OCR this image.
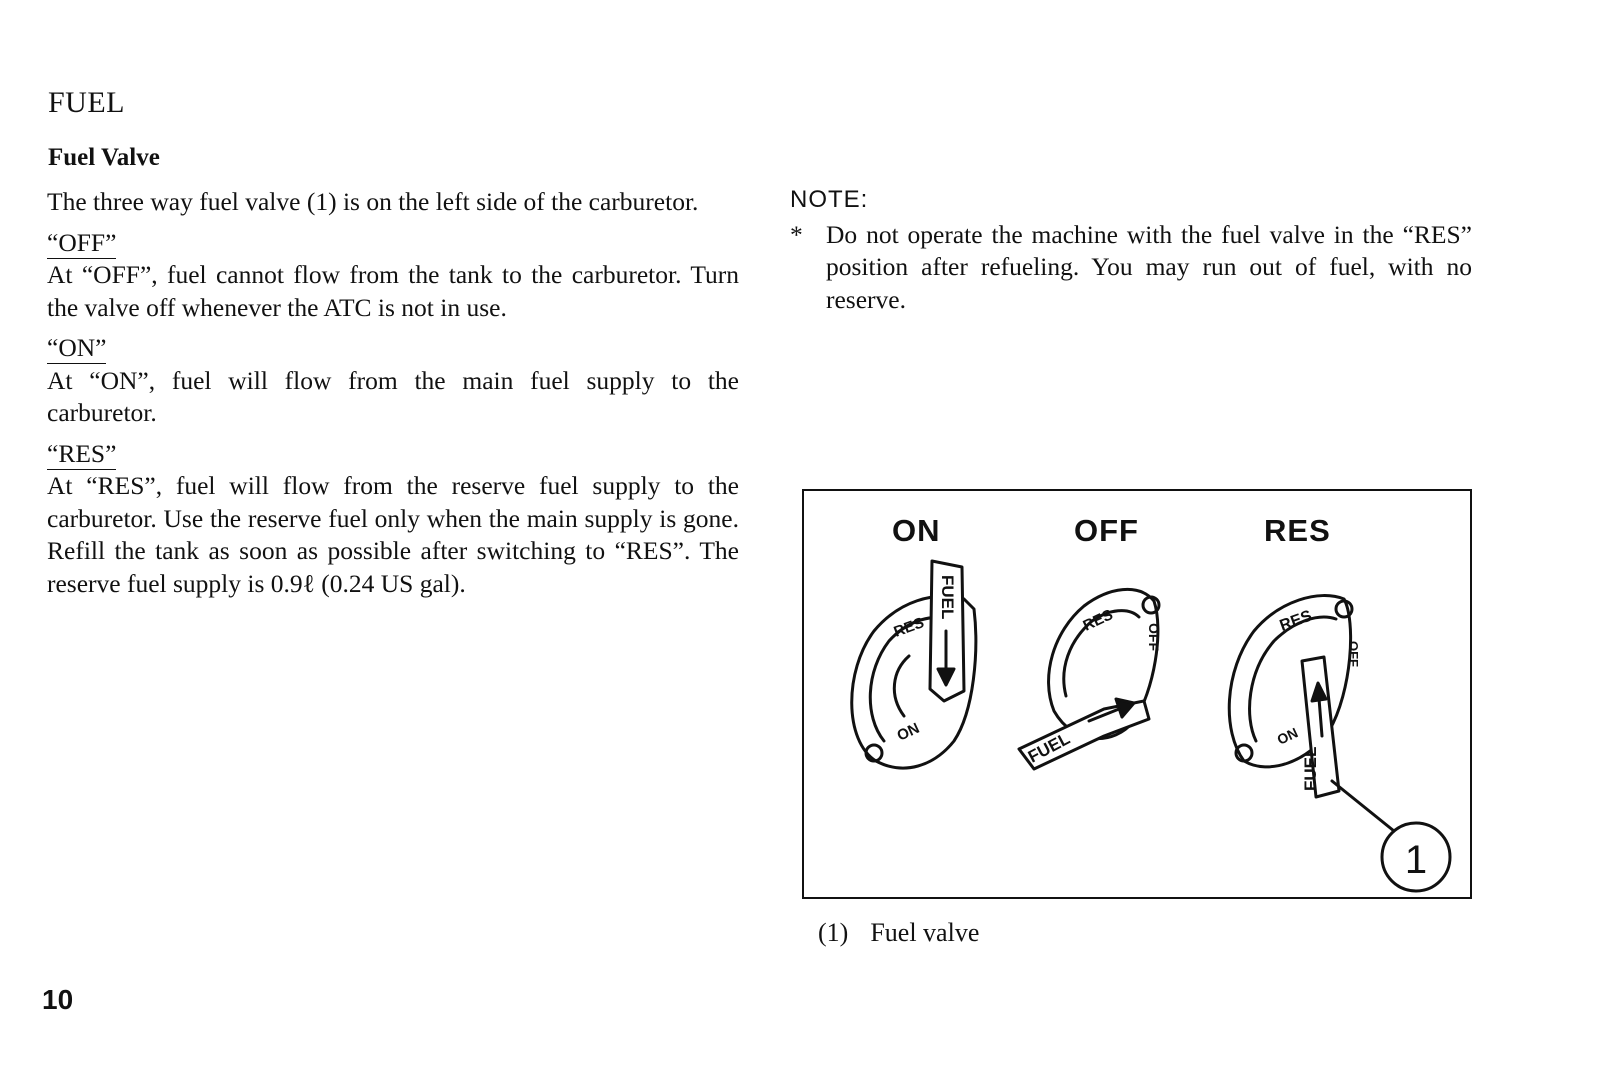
FUEL
Fuel Valve

The three way fuel valve (1) is on the left side of the carburetor.

“OFF”

At “OFF”, fuel cannot flow from the tank to the carburetor. Turn the valve off whenever the ATC is not in use.

“ON”

At “ON”, fuel will flow from the main fuel supply to the carburetor.

“RES”

At “RES”, fuel will flow from the reserve fuel supply to the carburetor. Use the reserve fuel only when the main supply is gone. Refill the tank as soon as possible after switching to “RES”. The reserve fuel supply is 0.9ℓ (0.24 US gal).

NOTE:
* Do not operate the machine with the fuel valve in the “RES” position after refueling. You may run out of fuel, with no reserve.
ON	OFF	RES
FUEL
RES
ON	FUEL
RES
OFF
FUEL
RES
ON
OFF
1
(1) Fuel valve
10
